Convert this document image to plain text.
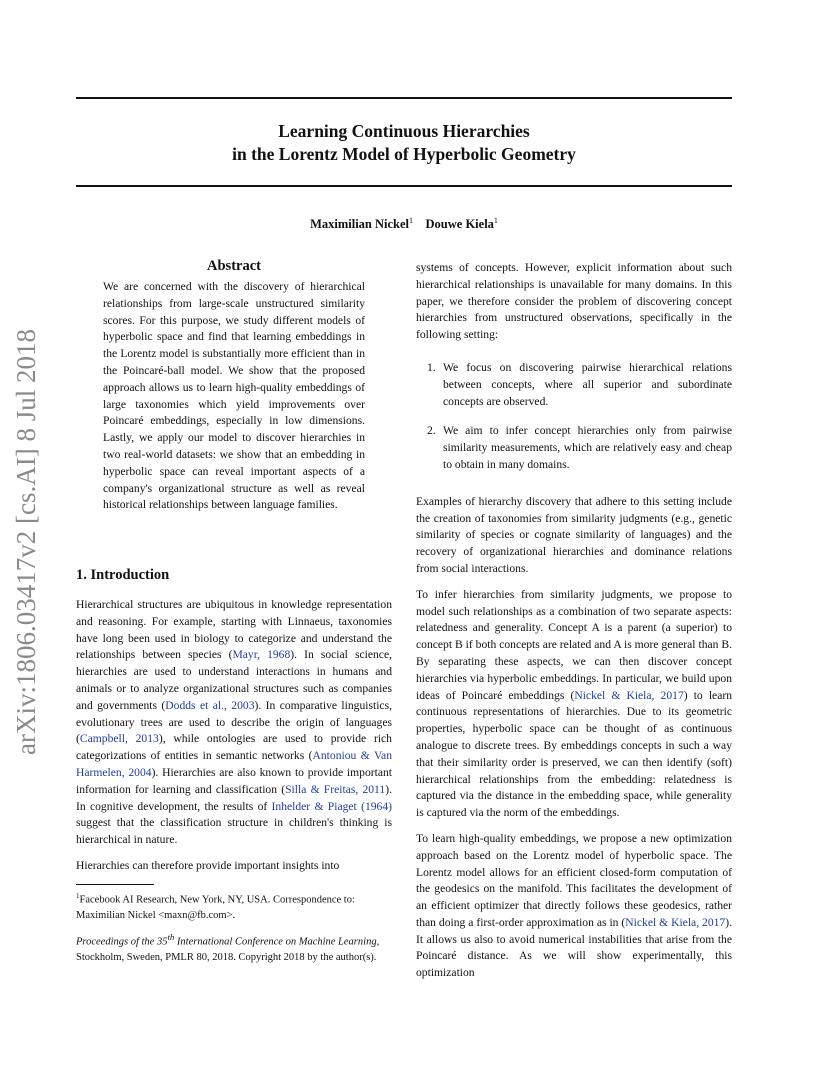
Learning Continuous Hierarchies
in the Lorentz Model of Hyperbolic Geometry
Maximilian Nickel$^1$ Douwe Kiela$^1$
arXiv:1806.03417v2 [cs.AI] 8 Jul 2018
Abstract

We are concerned with the discovery of hierarchical relationships from large-scale unstructured similarity scores. For this purpose, we study different models of hyperbolic space and find that learning embeddings in the Lorentz model is substantially more efficient than in the Poincaré-ball model. We show that the proposed approach allows us to learn high-quality embeddings of large taxonomies which yield improvements over Poincaré embeddings, especially in low dimensions. Lastly, we apply our model to discover hierarchies in two real-world datasets: we show that an embedding in hyperbolic space can reveal important aspects of a company's organizational structure as well as reveal historical relationships between language families.

1. Introduction

Hierarchical structures are ubiquitous in knowledge representation and reasoning. For example, starting with Linnaeus, taxonomies have long been used in biology to categorize and understand the relationships between species (Mayr, 1968). In social science, hierarchies are used to understand interactions in humans and animals or to analyze organizational structures such as companies and governments (Dodds et al., 2003). In comparative linguistics, evolutionary trees are used to describe the origin of languages (Campbell, 2013), while ontologies are used to provide rich categorizations of entities in semantic networks (Antoniou & Van Harmelen, 2004). Hierarchies are also known to provide important information for learning and classification (Silla & Freitas, 2011). In cognitive development, the results of Inhelder & Piaget (1964) suggest that the classification structure in children's thinking is hierarchical in nature.

Hierarchies can therefore provide important insights into

$^1$Facebook AI Research, New York, NY, USA. Correspondence to: Maximilian Nickel <maxn@fb.com>.
Proceedings of the 35th International Conference on Machine Learning, Stockholm, Sweden, PMLR 80, 2018. Copyright 2018 by the author(s).

systems of concepts. However, explicit information about such hierarchical relationships is unavailable for many domains. In this paper, we therefore consider the problem of discovering concept hierarchies from unstructured observations, specifically in the following setting:

1. We focus on discovering pairwise hierarchical relations between concepts, where all superior and subordinate concepts are observed.
2. We aim to infer concept hierarchies only from pairwise similarity measurements, which are relatively easy and cheap to obtain in many domains.

Examples of hierarchy discovery that adhere to this setting include the creation of taxonomies from similarity judgments (e.g., genetic similarity of species or cognate similarity of languages) and the recovery of organizational hierarchies and dominance relations from social interactions.

To infer hierarchies from similarity judgments, we propose to model such relationships as a combination of two separate aspects: relatedness and generality. Concept A is a parent (a superior) to concept B if both concepts are related and A is more general than B. By separating these aspects, we can then discover concept hierarchies via hyperbolic embeddings. In particular, we build upon ideas of Poincaré embeddings (Nickel & Kiela, 2017) to learn continuous representations of hierarchies. Due to its geometric properties, hyperbolic space can be thought of as continuous analogue to discrete trees. By embeddings concepts in such a way that their similarity order is preserved, we can then identify (soft) hierarchical relationships from the embedding: relatedness is captured via the distance in the embedding space, while generality is captured via the norm of the embeddings.

To learn high-quality embeddings, we propose a new optimization approach based on the Lorentz model of hyperbolic space. The Lorentz model allows for an efficient closed-form computation of the geodesics on the manifold. This facilitates the development of an efficient optimizer that directly follows these geodesics, rather than doing a first-order approximation as in (Nickel & Kiela, 2017). It allows us also to avoid numerical instabilities that arise from the Poincaré distance. As we will show experimentally, this optimization
